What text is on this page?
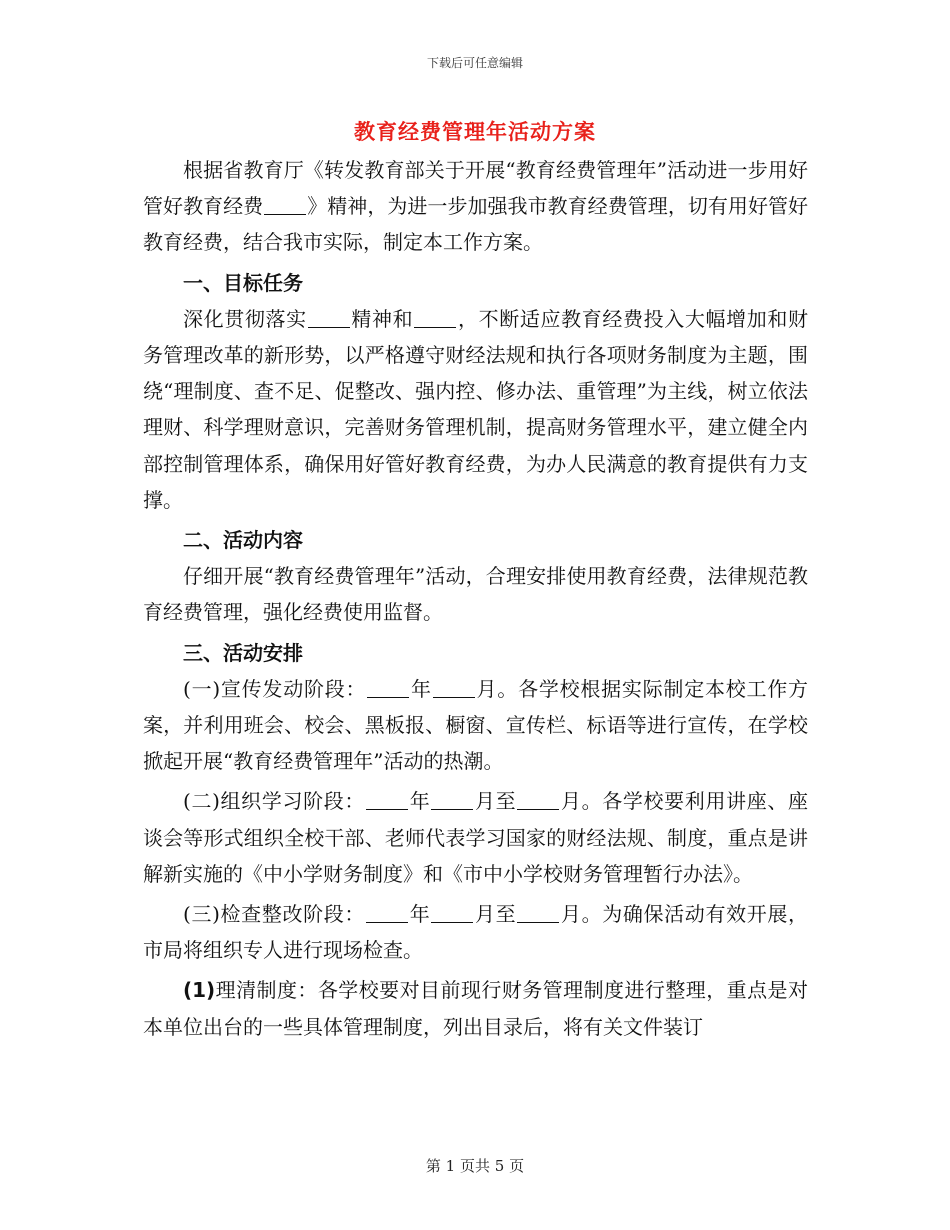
下载后可任意编辑
教育经费管理年活动方案

根据省教育厅《转发教育部关于开展“教育经费管理年”活动进一步用好管好教育经费 》精神，为进一步加强我市教育经费管理，切有用好管好教育经费，结合我市实际，制定本工作方案。

一、目标任务

深化贯彻落实 精神和 ，不断适应教育经费投入大幅增加和财务管理改革的新形势，以严格遵守财经法规和执行各项财务制度为主题，围绕“理制度、查不足、促整改、强内控、修办法、重管理”为主线，树立依法理财、科学理财意识，完善财务管理机制，提高财务管理水平，建立健全内部控制管理体系，确保用好管好教育经费，为办人民满意的教育提供有力支撑。

二、活动内容

仔细开展“教育经费管理年”活动，合理安排使用教育经费，法律规范教育经费管理，强化经费使用监督。

三、活动安排

(一)宣传发动阶段： 年 月。各学校根据实际制定本校工作方案，并利用班会、校会、黑板报、橱窗、宣传栏、标语等进行宣传，在学校掀起开展“教育经费管理年”活动的热潮。

(二)组织学习阶段： 年 月至 月。各学校要利用讲座、座谈会等形式组织全校干部、老师代表学习国家的财经法规、制度，重点是讲解新实施的《中小学财务制度》和《市中小学校财务管理暂行办法》。

(三)检查整改阶段： 年 月至 月。为确保活动有效开展，市局将组织专人进行现场检查。

(1)理清制度：各学校要对目前现行财务管理制度进行整理，重点是对本单位出台的一些具体管理制度，列出目录后，将有关文件装订

第 1 页共 5 页
